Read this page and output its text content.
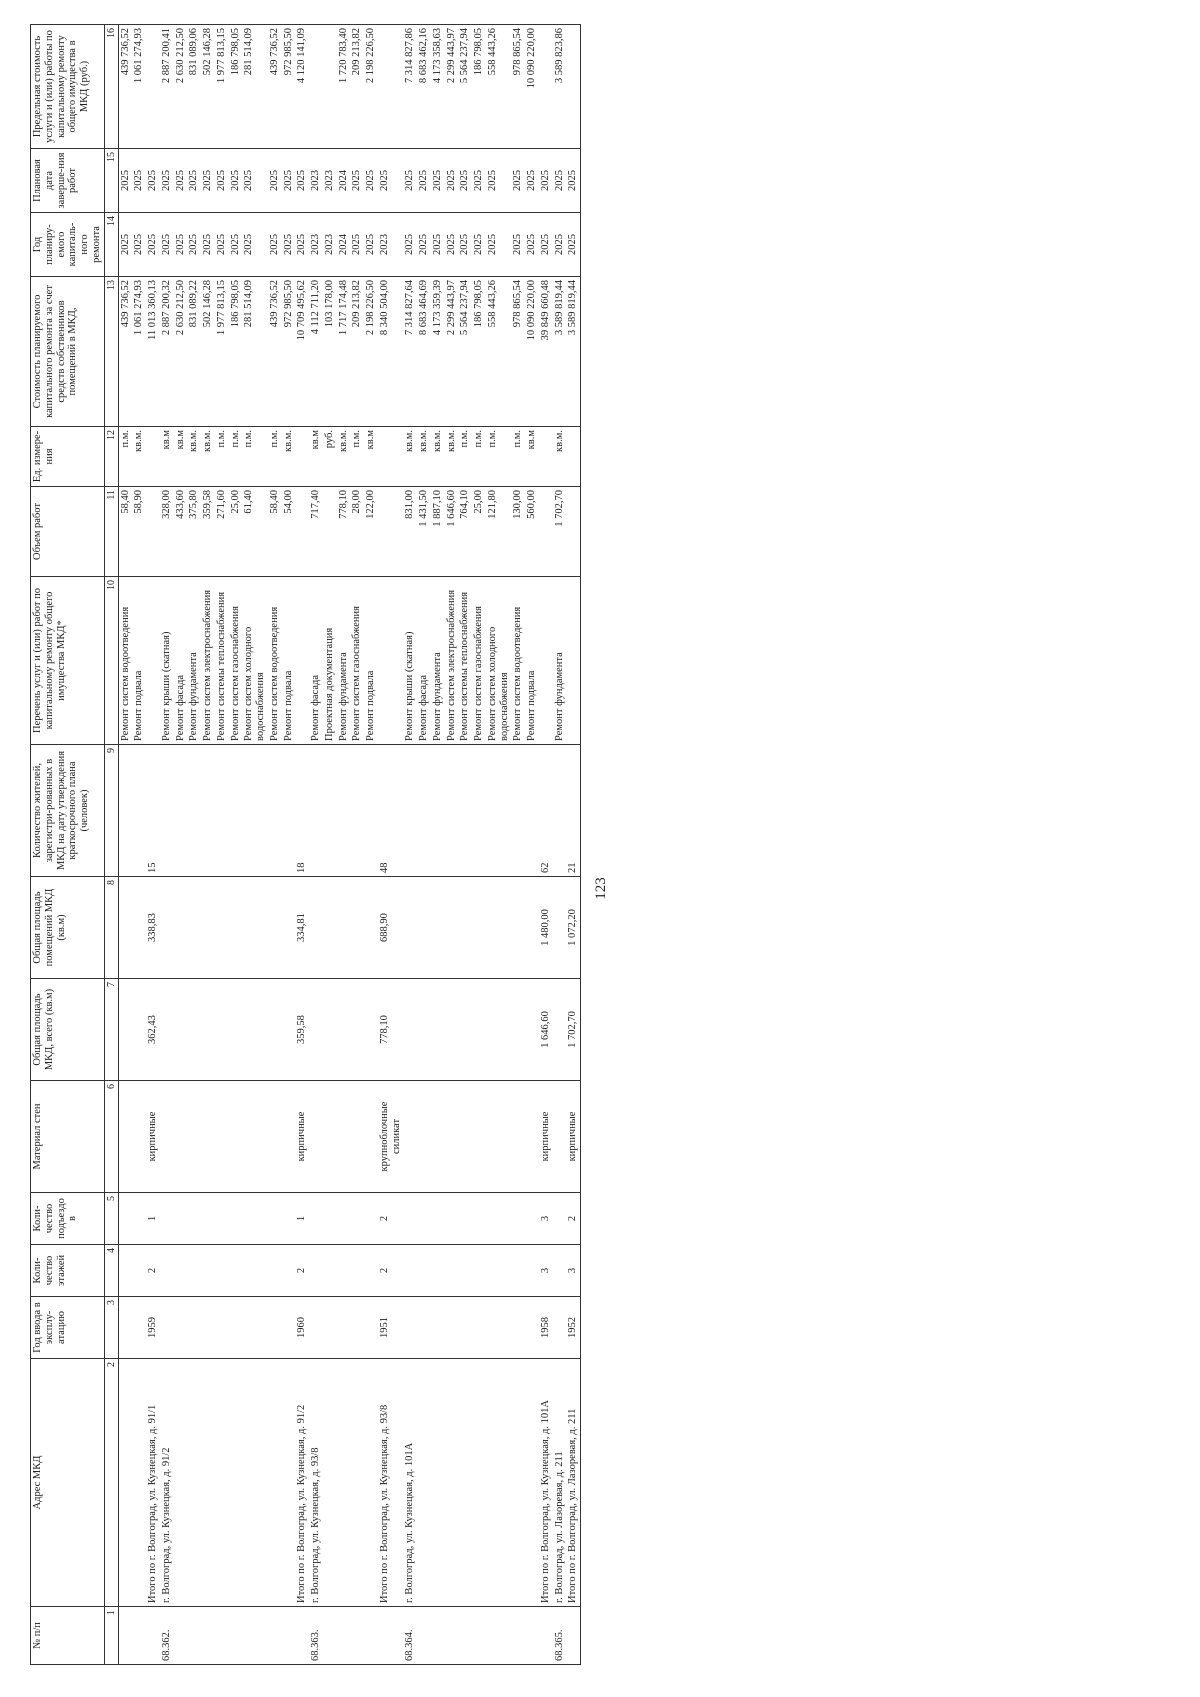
123
№ п/п	Адрес МКД	Год ввода в эксплу-атацию	Коли-чество этажей	Коли-чество подъездо в	Материал стен	Общая площадь МКД, всего (кв.м)	Общая площадь помещений МКД (кв.м)	Количество жителей, зарегистри-рованных в МКД на дату утверждения краткосрочного плана (человек)	Перечень услуг и (или) работ по капитальному ремонту общего имущества МКД*	Объем работ	Ед. измере-ния	Стоимость планируемого капитального ремонта за счет средств собственников помещений в МКД,	Год планиру-емого капиталь-ного ремонта	Плановая дата заверше-ния работ	Предельная стоимость услуги и (или) работы по капитальному ремонту общего имущества в МКД (руб.)
1	2	3	4	5	6	7	8	9	10	11	12	13	14	15	16
									Ремонт систем водоотведения	58,40	п.м.	439 736,52	2025	2025	439 736,52
									Ремонт подвала	58,90	кв.м.	1 061 274,93	2025	2025	1 061 274,93
	Итого по г. Волгоград, ул. Кузнецкая, д. 91/1	1959	2	1	кирпичные	362,43	338,83	15				11 013 360,13	2025	2025	
68.362.	г. Волгоград, ул. Кузнецкая, д. 91/2								Ремонт крыши (скатная)	328,00	кв.м	2 887 200,32	2025	2025	2 887 200,41
									Ремонт фасада	433,60	кв.м	2 630 212,50	2025	2025	2 630 212,50
									Ремонт фундамента	375,80	кв.м.	831 089,22	2025	2025	831 089,06
									Ремонт систем электроснабжения	359,58	кв.м.	502 146,28	2025	2025	502 146,28
									Ремонт системы теплоснабжения	271,60	п.м.	1 977 813,15	2025	2025	1 977 813,15
									Ремонт систем газоснабжения	25,00	п.м.	186 798,05	2025	2025	186 798,05
									Ремонт систем холодного водоснабжения	61,40	п.м.	281 514,09	2025	2025	281 514,09
									Ремонт систем водоотведения	58,40	п.м.	439 736,52	2025	2025	439 736,52
									Ремонт подвала	54,00	кв.м.	972 985,50	2025	2025	972 985,50
	Итого по г. Волгоград, ул. Кузнецкая, д. 91/2	1960	2	1	кирпичные	359,58	334,81	18				10 709 495,62	2025	2025	4 120 141,09
68.363.	г. Волгоград, ул. Кузнецкая, д. 93/8								Ремонт фасада	717,40	кв.м	4 112 711,20	2023	2023	
									Проектная документация		руб.	103 178,00	2023	2023	
									Ремонт фундамента	778,10	кв.м.	1 717 174,48	2024	2024	1 720 783,40
									Ремонт систем газоснабжения	28,00	п.м.	209 213,82	2025	2025	209 213,82
									Ремонт подвала	122,00	кв.м	2 198 226,50	2025	2025	2 198 226,50
	Итого по г. Волгоград, ул. Кузнецкая, д. 93/8	1951	2	2	крупноблочные силикат	778,10	688,90	48				8 340 504,00	2023	2025	
68.364.	г. Волгоград, ул. Кузнецкая, д. 101А								Ремонт крыши (скатная)	831,00	кв.м.	7 314 827,64	2025	2025	7 314 827,86
									Ремонт фасада	1 431,50	кв.м.	8 683 464,69	2025	2025	8 683 462,16
									Ремонт фундамента	1 887,10	кв.м.	4 173 359,39	2025	2025	4 173 358,63
									Ремонт систем электроснабжения	1 646,60	кв.м.	2 299 443,97	2025	2025	2 299 443,97
									Ремонт системы теплоснабжения	764,10	п.м.	5 564 237,94	2025	2025	5 564 237,94
									Ремонт систем газоснабжения	25,00	п.м.	186 798,05	2025	2025	186 798,05
									Ремонт систем холодного водоснабжения	121,80	п.м.	558 443,26	2025	2025	558 443,26
									Ремонт систем водоотведения	130,00	п.м.	978 865,54	2025	2025	978 865,54
									Ремонт подвала	560,00	кв.м	10 090 220,00	2025	2025	10 090 220,00
	Итого по г. Волгоград, ул. Кузнецкая, д. 101А	1958	3	3	кирпичные	1 646,60	1 480,00	62				39 849 660,48	2025	2025	
68.365.	г. Волгоград, ул. Лазоревая, д. 211								Ремонт фундамента	1 702,70	кв.м.	3 589 819,44	2025	2025	3 589 823,86
	Итого по г. Волгоград, ул. Лазоревая, д. 211	1952	3	2	кирпичные	1 702,70	1 072,20	21				3 589 819,44	2025	2025	
